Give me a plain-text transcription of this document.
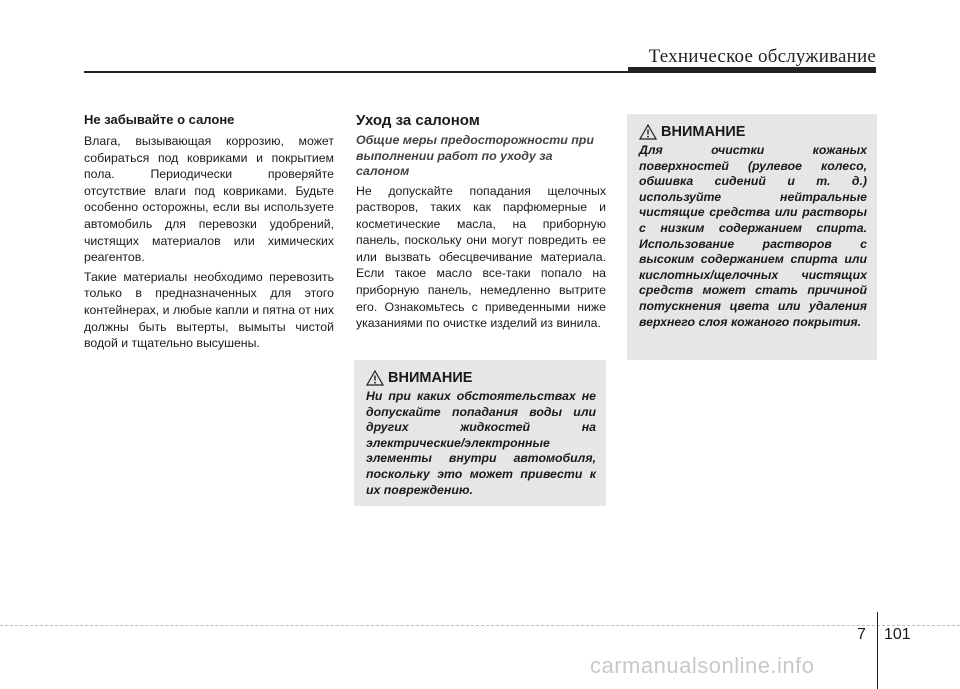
Техническое обслуживание

Не забывайте о салоне

Влага, вызывающая коррозию, может собираться под ковриками и покрытием пола. Периодически проверяйте отсутствие влаги под ковриками. Будьте особенно осторожны, если вы используете автомобиль для перевозки удобрений, чистящих материалов или химических реагентов.

Такие материалы необходимо перевозить только в предназначенных для этого контейнерах, и любые капли и пятна от них должны быть вытерты, вымыты чистой водой и тщательно высушены.

Уход за салоном

Общие меры предосторожности при выполнении работ по уходу за салоном

Не допускайте попадания щелочных растворов, таких как парфюмерные и косметические масла, на приборную панель, поскольку они могут повредить ее или вызвать обесцвечивание материала. Если такое масло все-таки попало на приборную панель, немедленно вытрите его. Ознакомьтесь с приведенными ниже указаниями по очистке изделий из винила.

ВНИМАНИЕ

Ни при каких обстоятельствах не допускайте попадания воды или других жидкостей на электрические/электронные элементы внутри автомобиля, поскольку это может привести к их повреждению.

ВНИМАНИЕ

Для очистки кожаных поверхностей (рулевое колесо, обшивка сидений и т. д.) используйте нейтральные чистящие средства или растворы с низким содержанием спирта. Использование растворов с высоким содержанием спирта или кислотных/щелочных чистящих средств может стать причиной потускнения цвета или удаления верхнего слоя кожаного покрытия.

7 101
carmanualsonline.info
